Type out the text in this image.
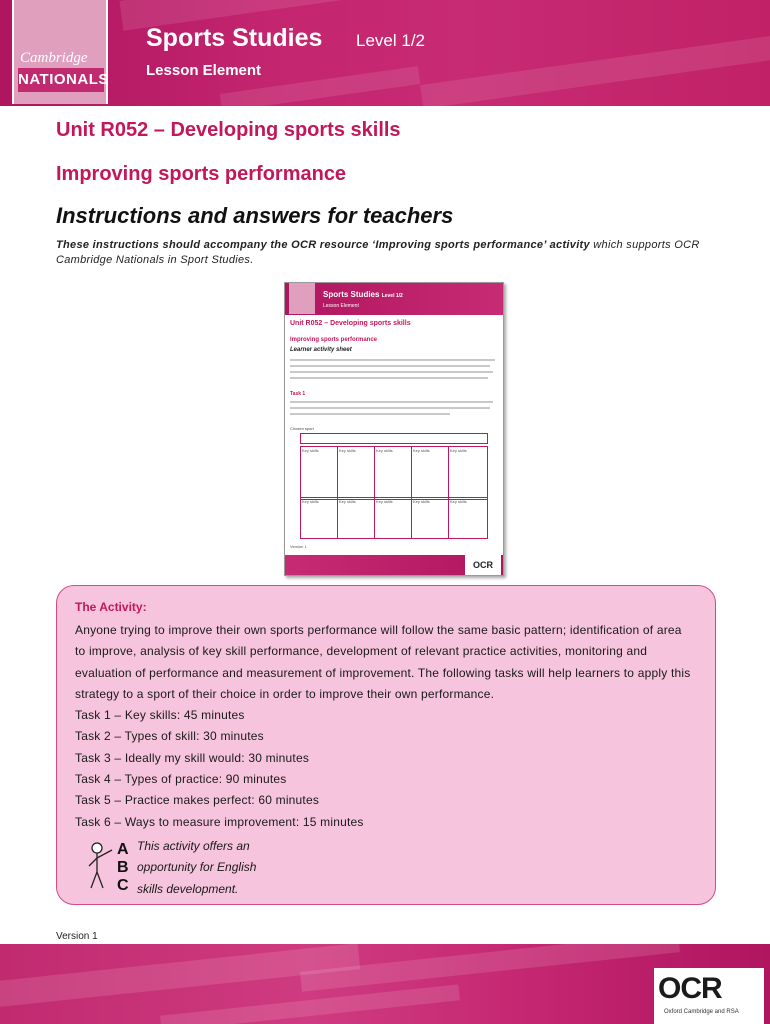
Cambridge
NATIONALS
Sports Studies Level 1/2
Lesson Element
Unit R052 – Developing sports skills
Improving sports performance
Instructions and answers for teachers
These instructions should accompany the OCR resource ‘Improving sports performance’ activity which supports OCR Cambridge Nationals in Sport Studies.
Sports Studies Level 1/2
Lesson Element
Unit R052 – Developing sports skills
Improving sports performance
Learner activity sheet
Task 1
Chosen sport
Key skills	Key skills	Key skills	Key skills	Key skills
Key skills	Key skills	Key skills	Key skills	Key skills
Version 1
OCR
The Activity:

Anyone trying to improve their own sports performance will follow the same basic pattern; identification of area to improve, analysis of key skill performance, development of relevant practice activities, monitoring and evaluation of performance and measurement of improvement. The following tasks will help learners to apply this strategy to a sport of their choice in order to improve their own performance.

Task 1 – Key skills: 45 minutes

Task 2 – Types of skill: 30 minutes

Task 3 – Ideally my skill would: 30 minutes

Task 4 – Types of practice: 90 minutes

Task 5 – Practice makes perfect: 60 minutes

Task 6 – Ways to measure improvement: 15 minutes

A
B
C
This activity offers an
opportunity for English
skills development.
Version 1
OCR
Oxford Cambridge and RSA
